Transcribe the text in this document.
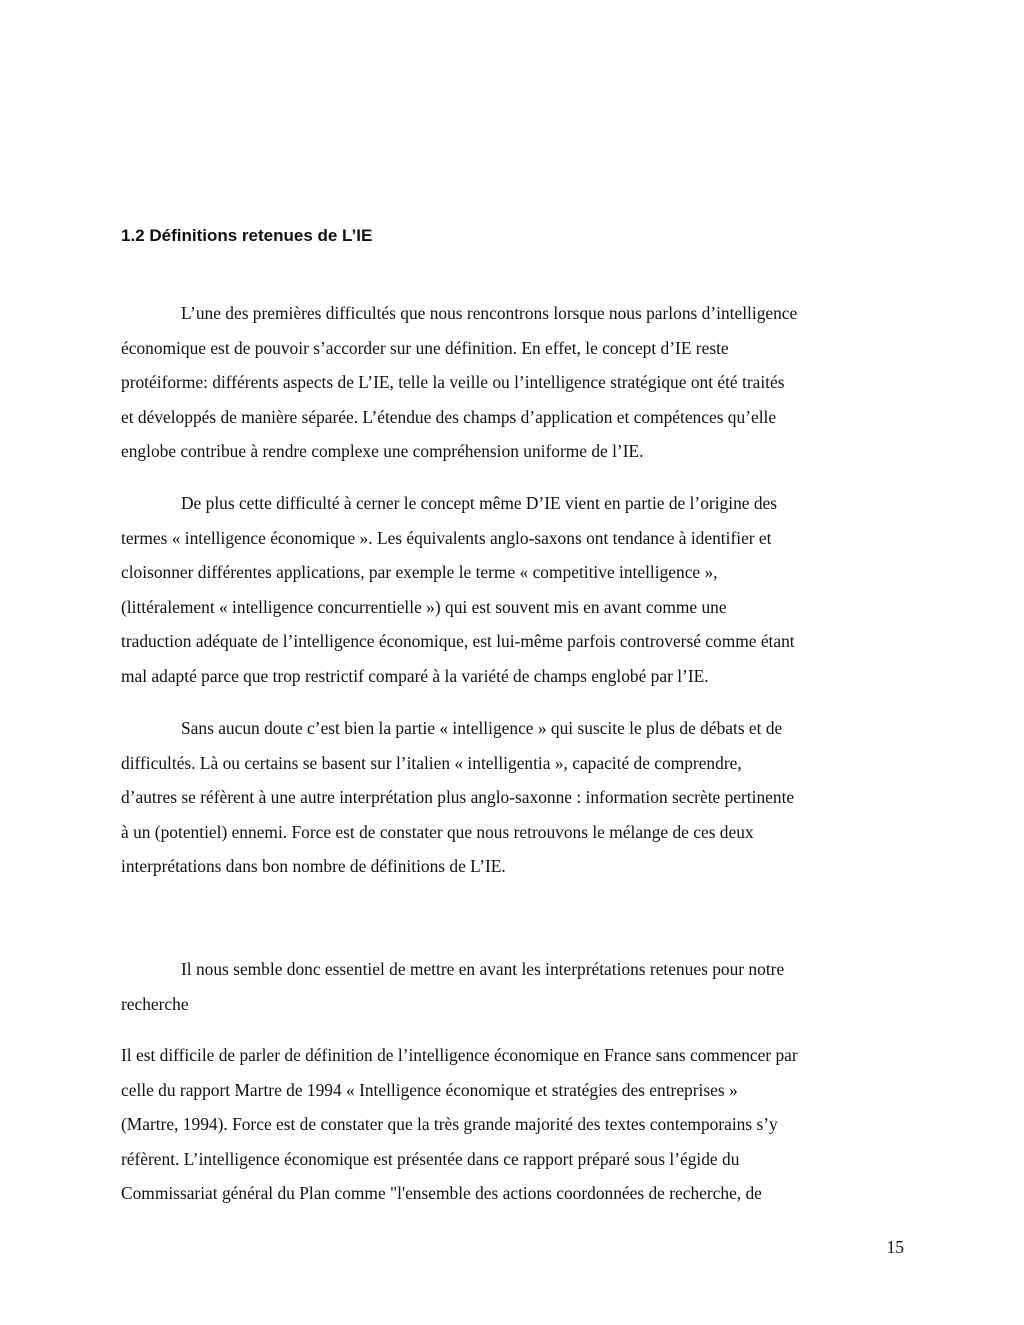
1.2 Définitions retenues de L’IE

L’une des premières difficultés que nous rencontrons lorsque nous parlons d’intelligence
économique est de pouvoir s’accorder sur une définition. En effet, le concept d’IE reste
protéiforme: différents aspects de L’IE, telle la veille ou l’intelligence stratégique ont été traités
et développés de manière séparée. L’étendue des champs d’application et compétences qu’elle
englobe contribue à rendre complexe une compréhension uniforme de l’IE.

De plus cette difficulté à cerner le concept même D’IE vient en partie de l’origine des
termes « intelligence économique ». Les équivalents anglo-saxons ont tendance à identifier et
cloisonner différentes applications, par exemple le terme « competitive intelligence »,
(littéralement « intelligence concurrentielle ») qui est souvent mis en avant comme une
traduction adéquate de l’intelligence économique, est lui-même parfois controversé comme étant
mal adapté parce que trop restrictif comparé à la variété de champs englobé par l’IE.

Sans aucun doute c’est bien la partie « intelligence » qui suscite le plus de débats et de
difficultés. Là ou certains se basent sur l’italien « intelligentia », capacité de comprendre,
d’autres se réfèrent à une autre interprétation plus anglo-saxonne : information secrète pertinente
à un (potentiel) ennemi. Force est de constater que nous retrouvons le mélange de ces deux
interprétations dans bon nombre de définitions de L’IE.

Il nous semble donc essentiel de mettre en avant les interprétations retenues pour notre
recherche

Il est difficile de parler de définition de l’intelligence économique en France sans commencer par
celle du rapport Martre de 1994 « Intelligence économique et stratégies des entreprises »
(Martre, 1994). Force est de constater que la très grande majorité des textes contemporains s’y
réfèrent. L’intelligence économique est présentée dans ce rapport préparé sous l’égide du
Commissariat général du Plan comme "l'ensemble des actions coordonnées de recherche, de

15
